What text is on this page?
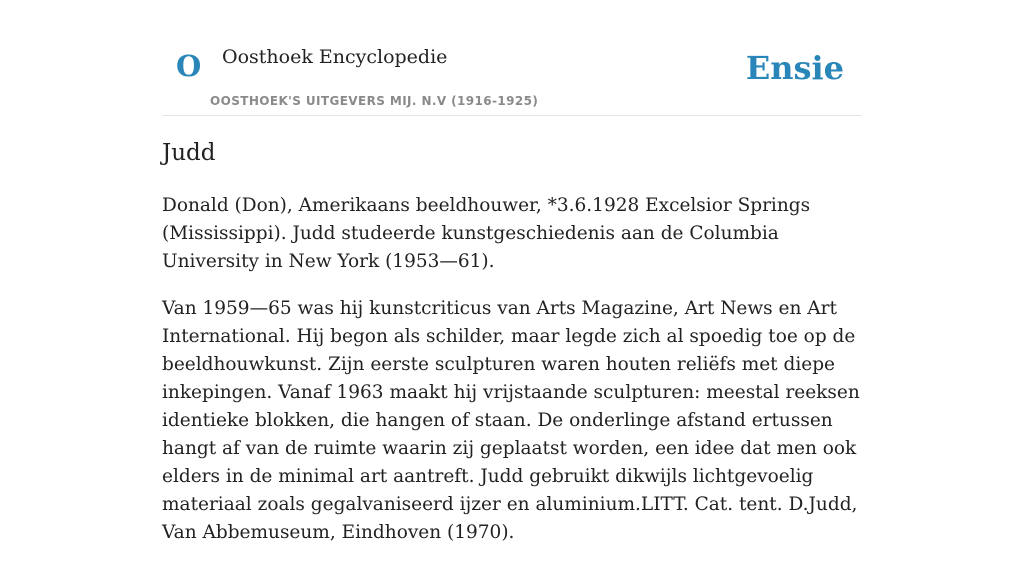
O Oosthoek Encyclopedie
OOSTHOEK'S UITGEVERS MIJ. N.V (1916-1925)
Ensie
Judd

Donald (Don), Amerikaans beeldhouwer, *3.6.1928 Excelsior Springs (Mississippi). Judd studeerde kunstgeschiedenis aan de Columbia University in New York (1953—61).

Van 1959—65 was hij kunstcriticus van Arts Magazine, Art News en Art International. Hij begon als schilder, maar legde zich al spoedig toe op de beeldhouwkunst. Zijn eerste sculpturen waren houten reliëfs met diepe inkepingen. Vanaf 1963 maakt hij vrijstaande sculpturen: meestal reeksen identieke blokken, die hangen of staan. De onderlinge afstand ertussen hangt af van de ruimte waarin zij geplaatst worden, een idee dat men ook elders in de minimal art aantreft. Judd gebruikt dikwijls lichtgevoelig materiaal zoals gegalvaniseerd ijzer en aluminium.LITT. Cat. tent. D.Judd, Van Abbemuseum, Eindhoven (1970).
